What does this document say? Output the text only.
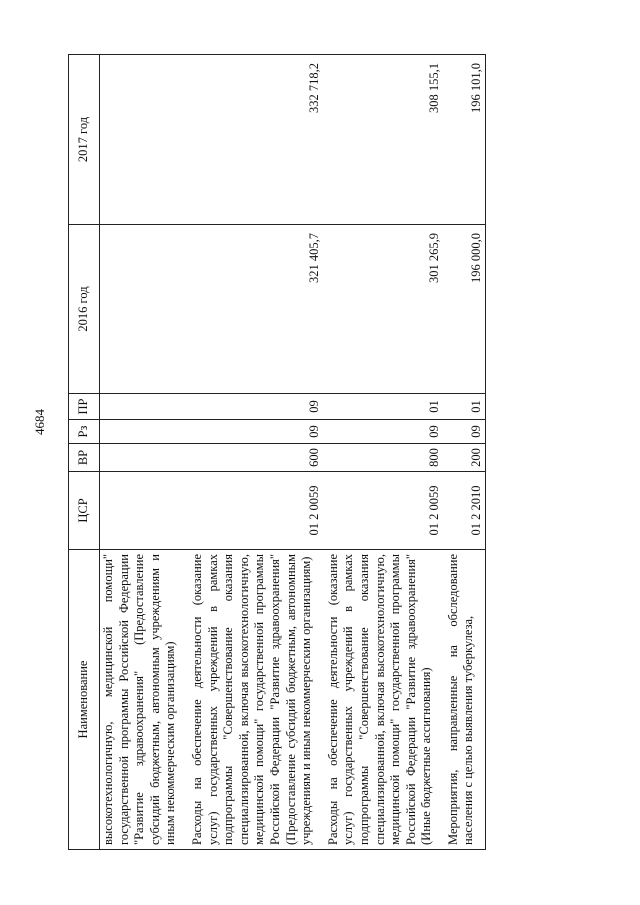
4684
Наименование	ЦСР	ВР	Рз	ПР	2016 год	2017 год
высокотехнологичную, медицинской помощи" государственной программы Российской Федерации "Развитие здравоохранения" (Предоставление субсидий бюджетным, автономным учреждениям и иным некоммерческим организациям)						
Расходы на обеспечение деятельности (оказание услуг) государственных учреждений в рамках подпрограммы "Совершенствование оказания специализированной, включая высокотехнологичную, медицинской помощи" государственной программы Российской Федерации "Развитие здравоохранения" (Предоставление субсидий бюджетным, автономным учреждениям и иным некоммерческим организациям)	01 2 0059	600	09	09	321 405,7	332 718,2
Расходы на обеспечение деятельности (оказание услуг) государственных учреждений в рамках подпрограммы "Совершенствование оказания специализированной, включая высокотехнологичную, медицинской помощи" государственной программы Российской Федерации "Развитие здравоохранения" (Иные бюджетные ассигнования)	01 2 0059	800	09	01	301 265,9	308 155,1
Мероприятия, направленные на обследование населения с целью выявления туберкулеза,	01 2 2010	200	09	01	196 000,0	196 101,0
